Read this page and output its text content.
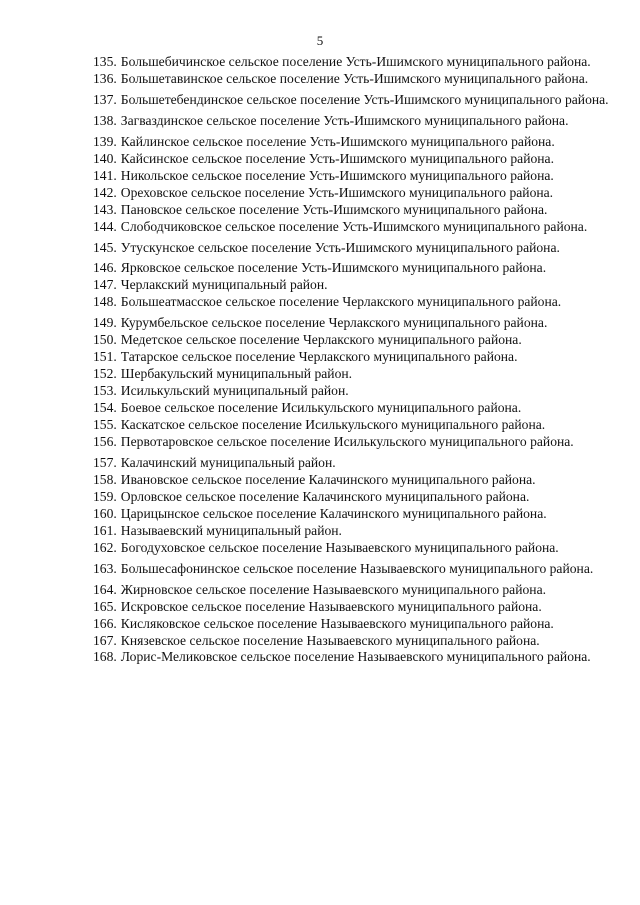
5
135. Большебичинское сельское поселение Усть-Ишимского муниципального района.
136. Большетавинское сельское поселение Усть-Ишимского муниципального района.
137. Большетебендинское сельское поселение Усть-Ишимского муниципального района.
138. Загваздинское сельское поселение Усть-Ишимского муниципального района.
139. Кайлинское сельское поселение Усть-Ишимского муниципального района.
140. Кайсинское сельское поселение Усть-Ишимского муниципального района.
141. Никольское сельское поселение Усть-Ишимского муниципального района.
142. Ореховское сельское поселение Усть-Ишимского муниципального района.
143. Пановское сельское поселение Усть-Ишимского муниципального района.
144. Слободчиковское сельское поселение Усть-Ишимского муниципального района.
145. Утускунское сельское поселение Усть-Ишимского муниципального района.
146. Ярковское сельское поселение Усть-Ишимского муниципального района.
147. Черлакский муниципальный район.
148. Большеатмасское сельское поселение Черлакского муниципального района.
149. Курумбельское сельское поселение Черлакского муниципального района.
150. Медетское сельское поселение Черлакского муниципального района.
151. Татарское сельское поселение Черлакского муниципального района.
152. Шербакульский муниципальный район.
153. Исилькульский муниципальный район.
154. Боевое сельское поселение Исилькульского муниципального района.
155. Каскатское сельское поселение Исилькульского муниципального района.
156. Первотаровское сельское поселение Исилькульского муниципального района.
157. Калачинский муниципальный район.
158. Ивановское сельское поселение Калачинского муниципального района.
159. Орловское сельское поселение Калачинского муниципального района.
160. Царицынское сельское поселение Калачинского муниципального района.
161. Называевский муниципальный район.
162. Богодуховское сельское поселение Называевского муниципального района.
163. Большесафонинское сельское поселение Называевского муниципального района.
164. Жирновское сельское поселение Называевского муниципального района.
165. Искровское сельское поселение Называевского муниципального района.
166. Кисляковское сельское поселение Называевского муниципального района.
167. Князевское сельское поселение Называевского муниципального района.
168. Лорис-Меликовское сельское поселение Называевского муниципального района.
